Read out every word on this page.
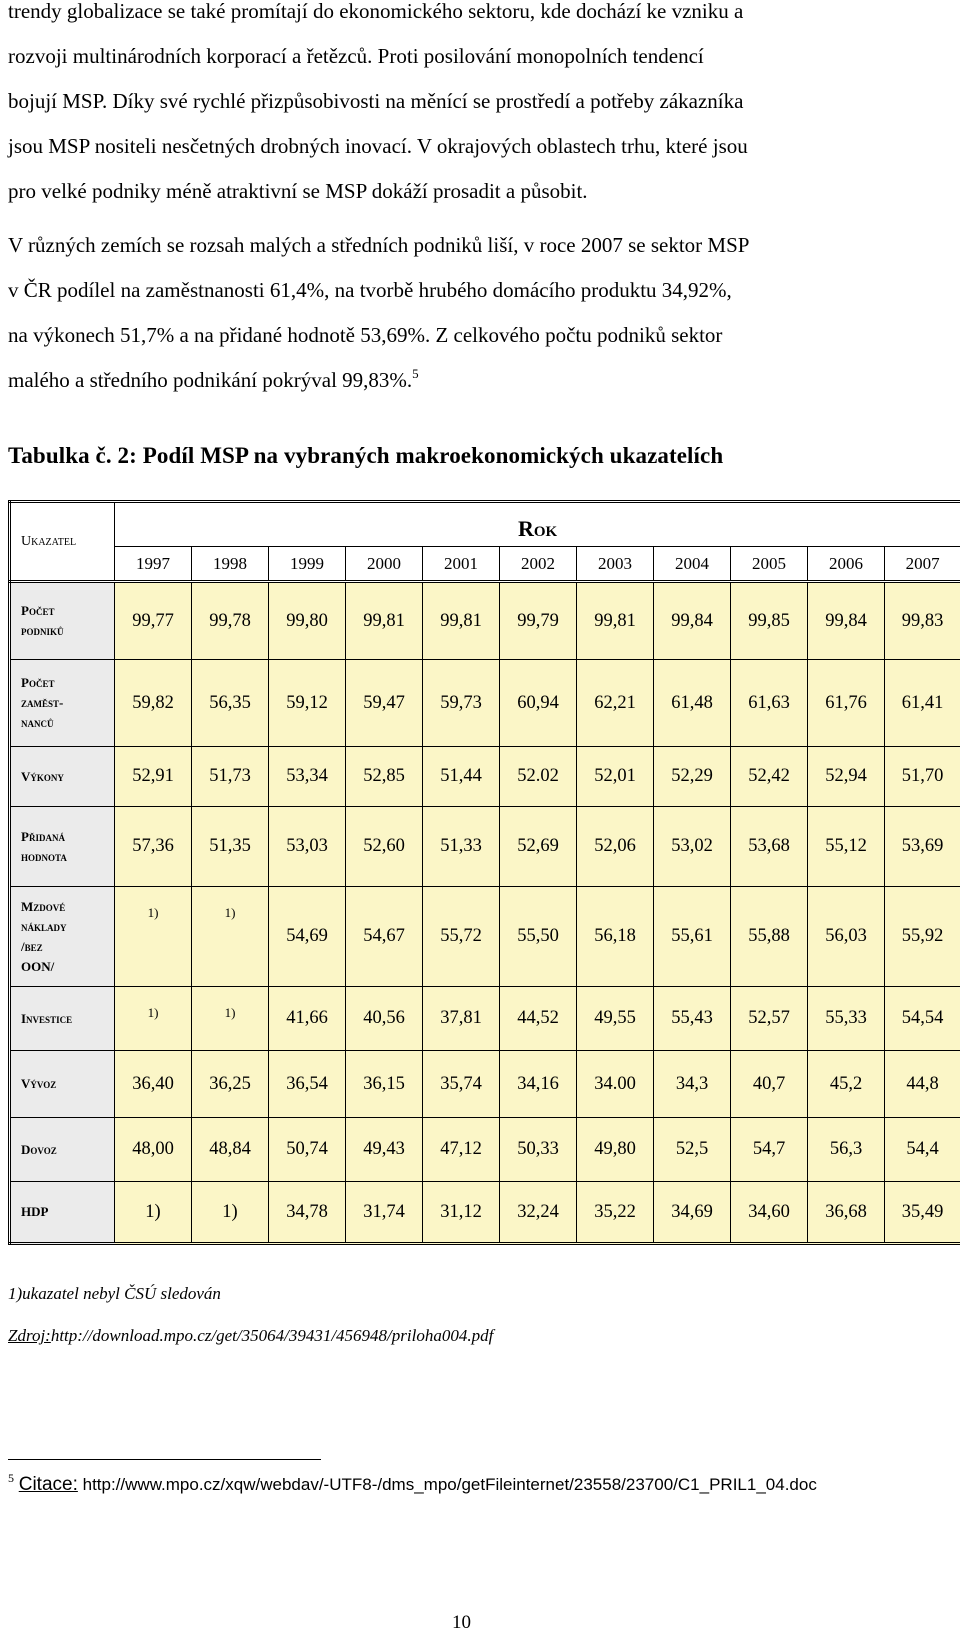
trendy globalizace se také promítají do ekonomického sektoru, kde dochází ke vzniku a
rozvoji multinárodních korporací a řetězců. Proti posilování monopolních tendencí
bojují MSP. Díky své rychlé přizpůsobivosti na měnící se prostředí a potřeby zákazníka
jsou MSP nositeli nesčetných drobných inovací. V okrajových oblastech trhu, které jsou
pro velké podniky méně atraktivní se MSP dokáží prosadit a působit.
V různých zemích se rozsah malých a středních podniků liší, v roce 2007 se sektor MSP
v ČR podílel na zaměstnanosti 61,4%, na tvorbě hrubého domácího produktu 34,92%,
na výkonech 51,7% a na přidané hodnotě 53,69%. Z celkového počtu podniků sektor
malého a středního podnikání pokrýval 99,83%.$^5$
Tabulka č. 2: Podíl MSP na vybraných makroekonomických ukazatelích
Ukazatel	Rok										
	1997	1998	1999	2000	2001	2002	2003	2004	2005	2006	2007

Počet
podniků	99,77	99,78	99,80	99,81	99,81	99,79	99,81	99,84	99,85	99,84	99,83

Počet
zaměst-
nanců	59,82	56,35	59,12	59,47	59,73	60,94	62,21	61,48	61,63	61,76	61,41

Výkony	52,91	51,73	53,34	52,85	51,44	52.02	52,01	52,29	52,42	52,94	51,70

Přidaná
hodnota	57,36	51,35	53,03	52,60	51,33	52,69	52,06	53,02	53,68	55,12	53,69

Mzdové
náklady
/bez
OON/	1)	1)	54,69	54,67	55,72	55,50	56,18	55,61	55,88	56,03	55,92

Investice	1)	1)	41,66	40,56	37,81	44,52	49,55	55,43	52,57	55,33	54,54

Vývoz	36,40	36,25	36,54	36,15	35,74	34,16	34.00	34,3	40,7	45,2	44,8

Dovoz	48,00	48,84	50,74	49,43	47,12	50,33	49,80	52,5	54,7	56,3	54,4

HDP	1)	1)	34,78	31,74	31,12	32,24	35,22	34,69	34,60	36,68	35,49
1)ukazatel nebyl ČSÚ sledován
Zdroj:http://download.mpo.cz/get/35064/39431/456948/priloha004.pdf
$^5$ Citace: http://www.mpo.cz/xqw/webdav/-UTF8-/dms_mpo/getFileinternet/23558/23700/C1_PRIL1_04.doc
10
